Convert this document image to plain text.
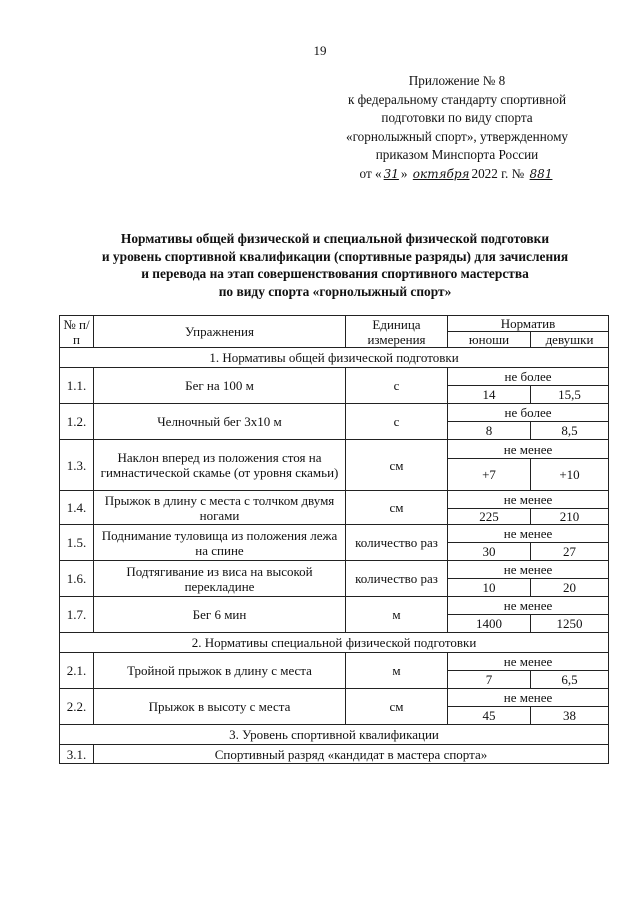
19
Приложение № 8
к федеральному стандарту спортивной
подготовки по виду спорта
«горнолыжный спорт», утвержденному
приказом Минспорта России
от « 31 » октября 2022 г. № 881
Нормативы общей физической и специальной физической подготовки
и уровень спортивной квалификации (спортивные разряды) для зачисления
и перевода на этап совершенствования спортивного мастерства
по виду спорта «горнолыжный спорт»
№ п/п	Упражнения	Единица измерения	Норматив	
			юноши	девушки
1. Нормативы общей физической подготовки				
1.1.	Бег на 100 м	с	не более	
			14	15,5
1.2.	Челночный бег 3x10 м	с	не более	
			8	8,5
1.3.	Наклон вперед из положения стоя на гимнастической скамье (от уровня скамьи)	см	не менее	
			+7	+10
1.4.	Прыжок в длину с места с толчком двумя ногами	см	не менее	
			225	210
1.5.	Поднимание туловища из положения лежа на спине	количество раз	не менее	
			30	27
1.6.	Подтягивание из виса на высокой перекладине	количество раз	не менее	
			10	20
1.7.	Бег 6 мин	м	не менее	
			1400	1250
2. Нормативы специальной физической подготовки				
2.1.	Тройной прыжок в длину с места	м	не менее	
			7	6,5
2.2.	Прыжок в высоту с места	см	не менее	
			45	38
3. Уровень спортивной квалификации				
3.1.	Спортивный разряд «кандидат в мастера спорта»			
